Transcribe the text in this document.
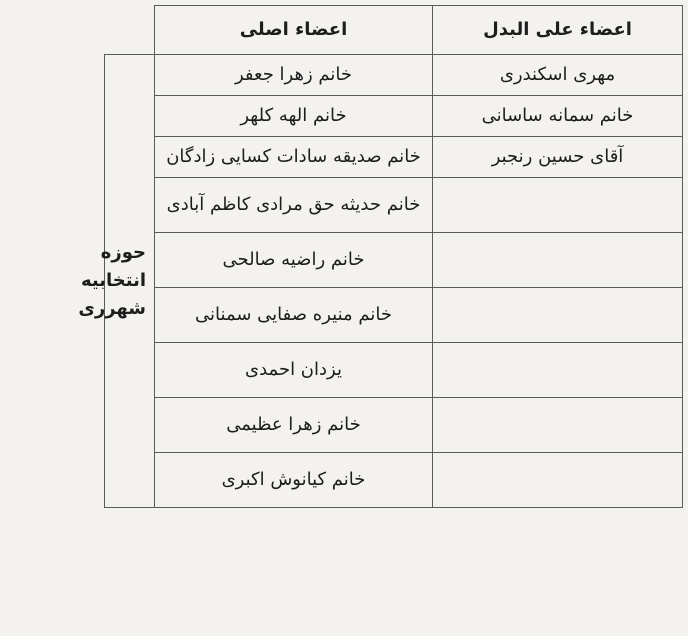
اعضاء علی البدل	اعضاء اصلی	
مهری اسکندری	خانم زهرا جعفر	حوزه انتخابیه شهرری
خانم سمانه ساسانی	خانم الهه کلهر	
آقای حسین رنجبر	خانم صدیقه سادات کسایی زادگان	
	خانم حدیثه حق مرادی کاظم آبادی	
	خانم راضیه صالحی	
	خانم منیره صفایی سمنانی	
	یزدان احمدی	
	خانم زهرا عظیمی	
	خانم کیانوش اکبری	
